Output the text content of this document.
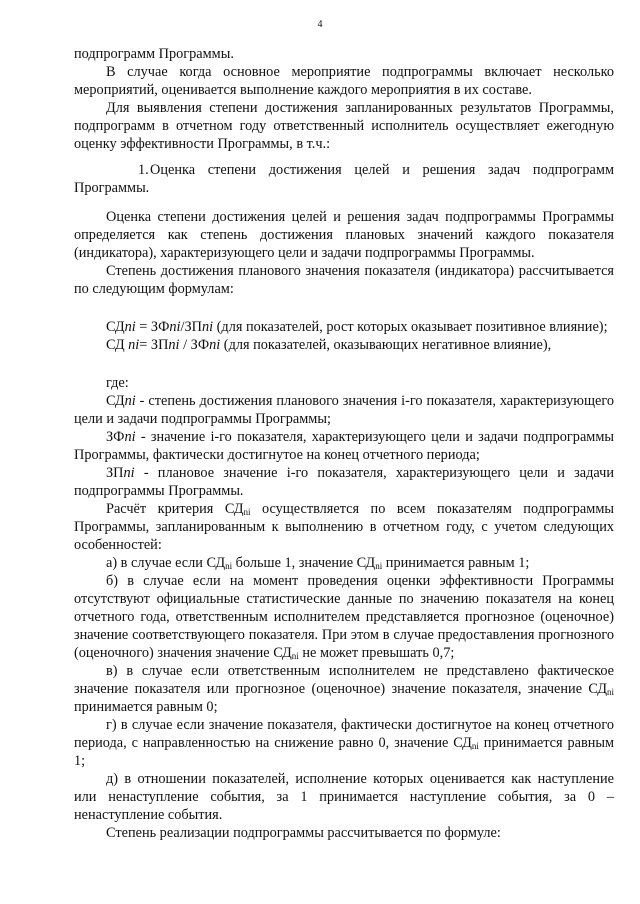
4

подпрограмм Программы.

В случае когда основное мероприятие подпрограммы включает несколько мероприятий, оценивается выполнение каждого мероприятия в их составе.

Для выявления степени достижения запланированных результатов Программы, подпрограмм в отчетном году ответственный исполнитель осуществляет ежегодную оценку эффективности Программы, в т.ч.:

1.Оценка степени достижения целей и решения задач подпрограмм Программы.

Оценка степени достижения целей и решения задач подпрограммы Программы определяется как степень достижения плановых значений каждого показателя (индикатора), характеризующего цели и задачи подпрограммы Программы.

Степень достижения планового значения показателя (индикатора) рассчитывается по следующим формулам:

СДni = ЗФni/ЗПni (для показателей, рост которых оказывает позитивное влияние);

СД ni= ЗПni / ЗФni (для показателей, оказывающих негативное влияние),

где:

СДni - степень достижения планового значения i-го показателя, характеризующего цели и задачи подпрограммы Программы;

ЗФni - значение i-го показателя, характеризующего цели и задачи подпрограммы Программы, фактически достигнутое на конец отчетного периода;

ЗПni - плановое значение i-го показателя, характеризующего цели и задачи подпрограммы Программы.

Расчёт критерия $СД_{ni}$ осуществляется по всем показателям подпрограммы Программы, запланированным к выполнению в отчетном году, с учетом следующих особенностей:

а) в случае если $СД_{ni}$ больше 1, значение $СД_{ni}$ принимается равным 1;

б) в случае если на момент проведения оценки эффективности Программы отсутствуют официальные статистические данные по значению показателя на конец отчетного года, ответственным исполнителем представляется прогнозное (оценочное) значение соответствующего показателя. При этом в случае предоставления прогнозного (оценочного) значения значение $СД_{ni}$ не может превышать 0,7;

в) в случае если ответственным исполнителем не представлено фактическое значение показателя или прогнозное (оценочное) значение показателя, значение $СД_{ni}$ принимается равным 0;

г) в случае если значение показателя, фактически достигнутое на конец отчетного периода, с направленностью на снижение равно 0, значение $СД_{ni}$ принимается равным 1;

д) в отношении показателей, исполнение которых оценивается как наступление или ненаступление события, за 1 принимается наступление события, за 0 – ненаступление события.

Степень реализации подпрограммы рассчитывается по формуле:
